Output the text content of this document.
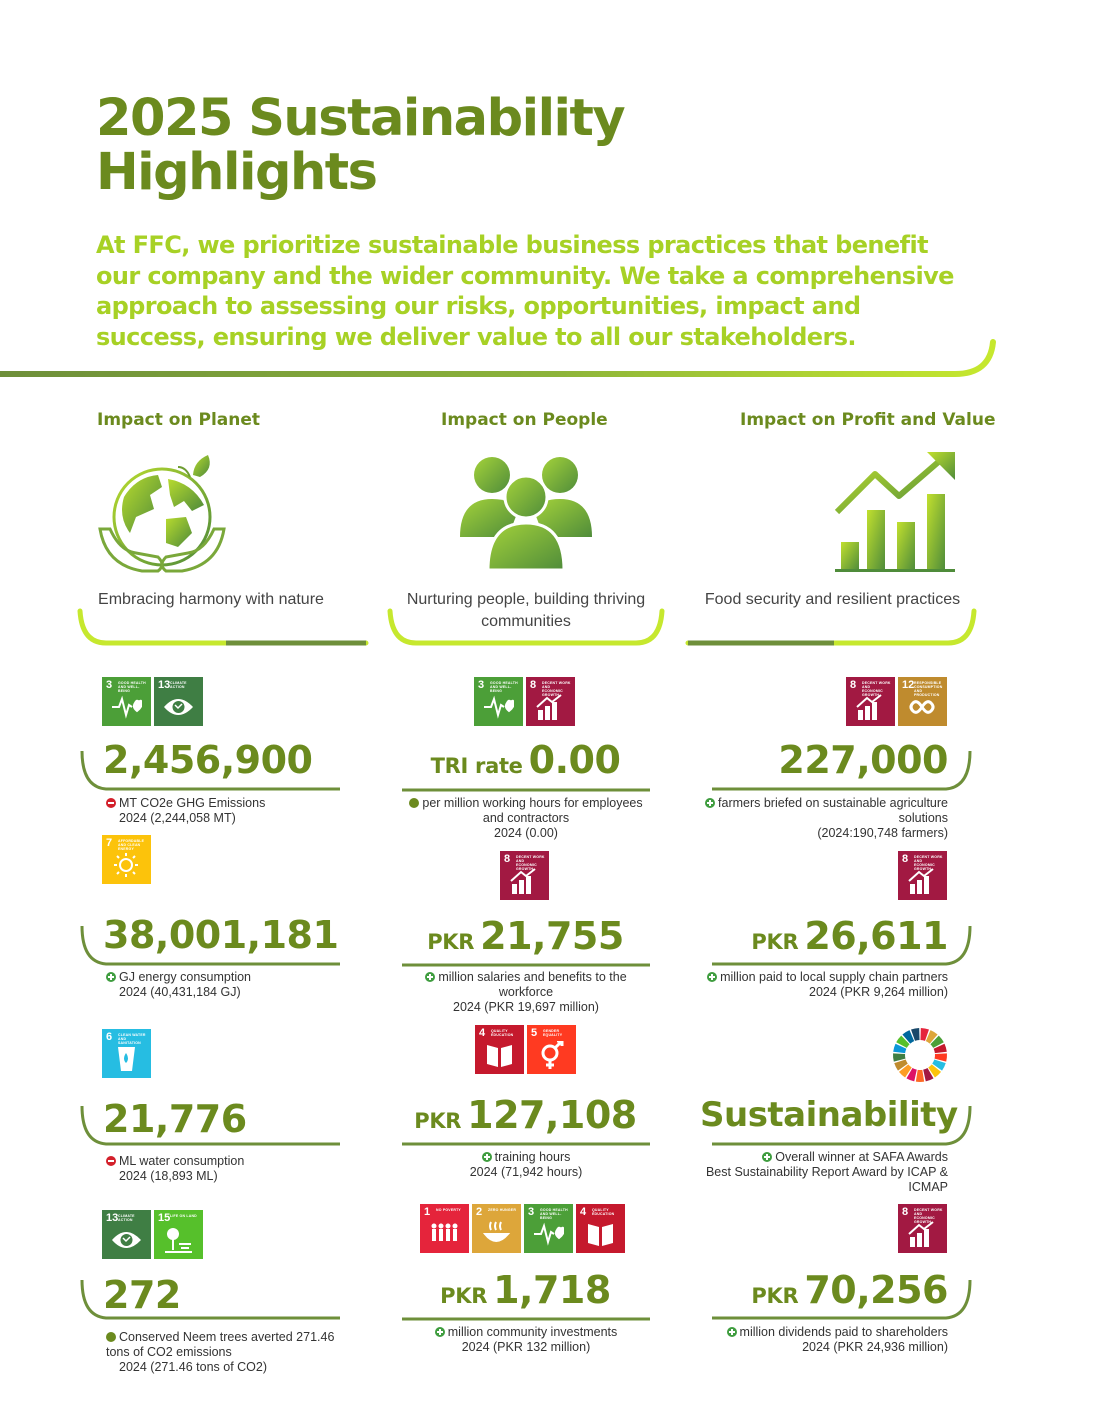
2025 Sustainability Highlights
At FFC, we prioritize sustainable business practices that benefit our company and the wider community. We take a comprehensive approach to assessing our risks, opportunities, impact and success, ensuring we deliver value to all our stakeholders.
Impact on Planet	Impact on People	Impact on Profit and Value
Embracing harmony with nature	Nurturing people, building thriving communities
Food security and resilient practices
3 GOOD HEALTH AND WELL-BEING	13 CLIMATE ACTION
7 AFFORDABLE AND CLEAN ENERGY
6 CLEAN WATER AND SANITATION
13 CLIMATE ACTION	15 LIFE ON LAND
3 GOOD HEALTH AND WELL-BEING	8 DECENT WORK AND ECONOMIC GROWTH
8 DECENT WORK AND ECONOMIC GROWTH
4 QUALITY EDUCATION	5 GENDER EQUALITY
1 NO POVERTY	2 ZERO HUNGER 3 GOOD HEALTH AND WELL-BEING	4 QUALITY EDUCATION
8 DECENT WORK AND ECONOMIC GROWTH
12 RESPONSIBLE CONSUMPTION AND PRODUCTION
8 DECENT WORK AND ECONOMIC GROWTH
8 DECENT WORK AND ECONOMIC GROWTH
2,456,900
MT CO2e GHG Emissions
2024 (2,244,058 MT)
38,001,181
GJ energy consumption
2024 (40,431,184 GJ)
21,776
ML water consumption
2024 (18,893 ML)
272
Conserved Neem trees averted 271.46 tons of CO2 emissions
2024 (271.46 tons of CO2)
TRI rate 0.00
per million working hours for employees and contractors
2024 (0.00)
PKR 21,755
million salaries and benefits to the workforce
2024 (PKR 19,697 million)
PKR 127,108
training hours
2024 (71,942 hours)
PKR 1,718
million community investments
2024 (PKR 132 million)
227,000
farmers briefed on sustainable agriculture solutions
(2024:190,748 farmers)
PKR 26,611
million paid to local supply chain partners
2024 (PKR 9,264 million)
Sustainability
Overall winner at SAFA Awards
Best Sustainability Report Award by ICAP & ICMAP
PKR 70,256
million dividends paid to shareholders
2024 (PKR 24,936 million)
